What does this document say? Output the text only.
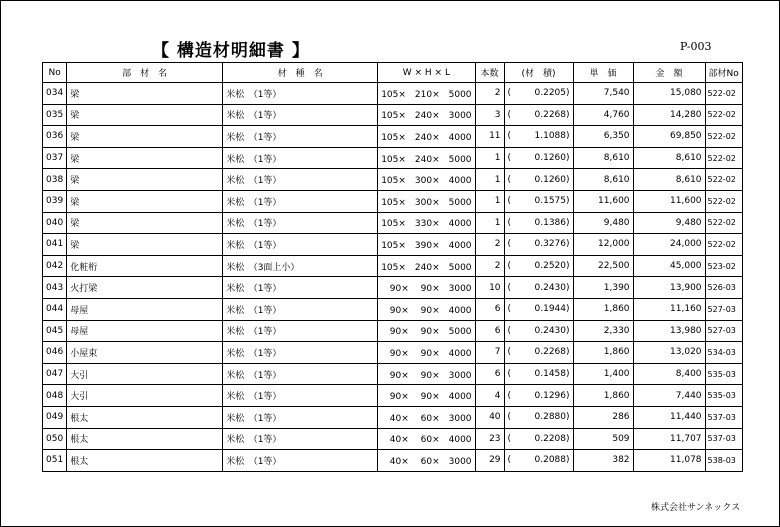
【 構造材明細書 】	P-003
No	部　材　名	材　種　名	W × H × L	本数	(材　積)	単　価	金　額	部材No
034	梁	米松　（1等）	105×　210×　5000	2	( 0.2205)	7,540	15,080	522-02
035	梁	米松　（1等）	105×　240×　3000	3	( 0.2268)	4,760	14,280	522-02
036	梁	米松　（1等）	105×　240×　4000	11	( 1.1088)	6,350	69,850	522-02
037	梁	米松　（1等）	105×　240×　5000	1	( 0.1260)	8,610	8,610	522-02
038	梁	米松　（1等）	105×　300×　4000	1	( 0.1260)	8,610	8,610	522-02
039	梁	米松　（1等）	105×　300×　5000	1	( 0.1575)	11,600	11,600	522-02
040	梁	米松　（1等）	105×　330×　4000	1	( 0.1386)	9,480	9,480	522-02
041	梁	米松　（1等）	105×　390×　4000	2	( 0.3276)	12,000	24,000	522-02
042	化粧桁	米松　（3面上小）	105×　240×　5000	2	( 0.2520)	22,500	45,000	523-02
043	火打梁	米松　（1等）	90×　 90×　3000	10	( 0.2430)	1,390	13,900	526-03
044	母屋	米松　（1等）	90×　 90×　4000	6	( 0.1944)	1,860	11,160	527-03
045	母屋	米松　（1等）	90×　 90×　5000	6	( 0.2430)	2,330	13,980	527-03
046	小屋束	米松　（1等）	90×　 90×　4000	7	( 0.2268)	1,860	13,020	534-03
047	大引	米松　（1等）	90×　 90×　3000	6	( 0.1458)	1,400	8,400	535-03
048	大引	米松　（1等）	90×　 90×　4000	4	( 0.1296)	1,860	7,440	535-03
049	根太	米松　（1等）	40×　 60×　3000	40	( 0.2880)	286	11,440	537-03
050	根太	米松　（1等）	40×　 60×　4000	23	( 0.2208)	509	11,707	537-03
051	根太	米松　（1等）	40×　 60×　3000	29	( 0.2088)	382	11,078	538-03
株式会社サンネックス
